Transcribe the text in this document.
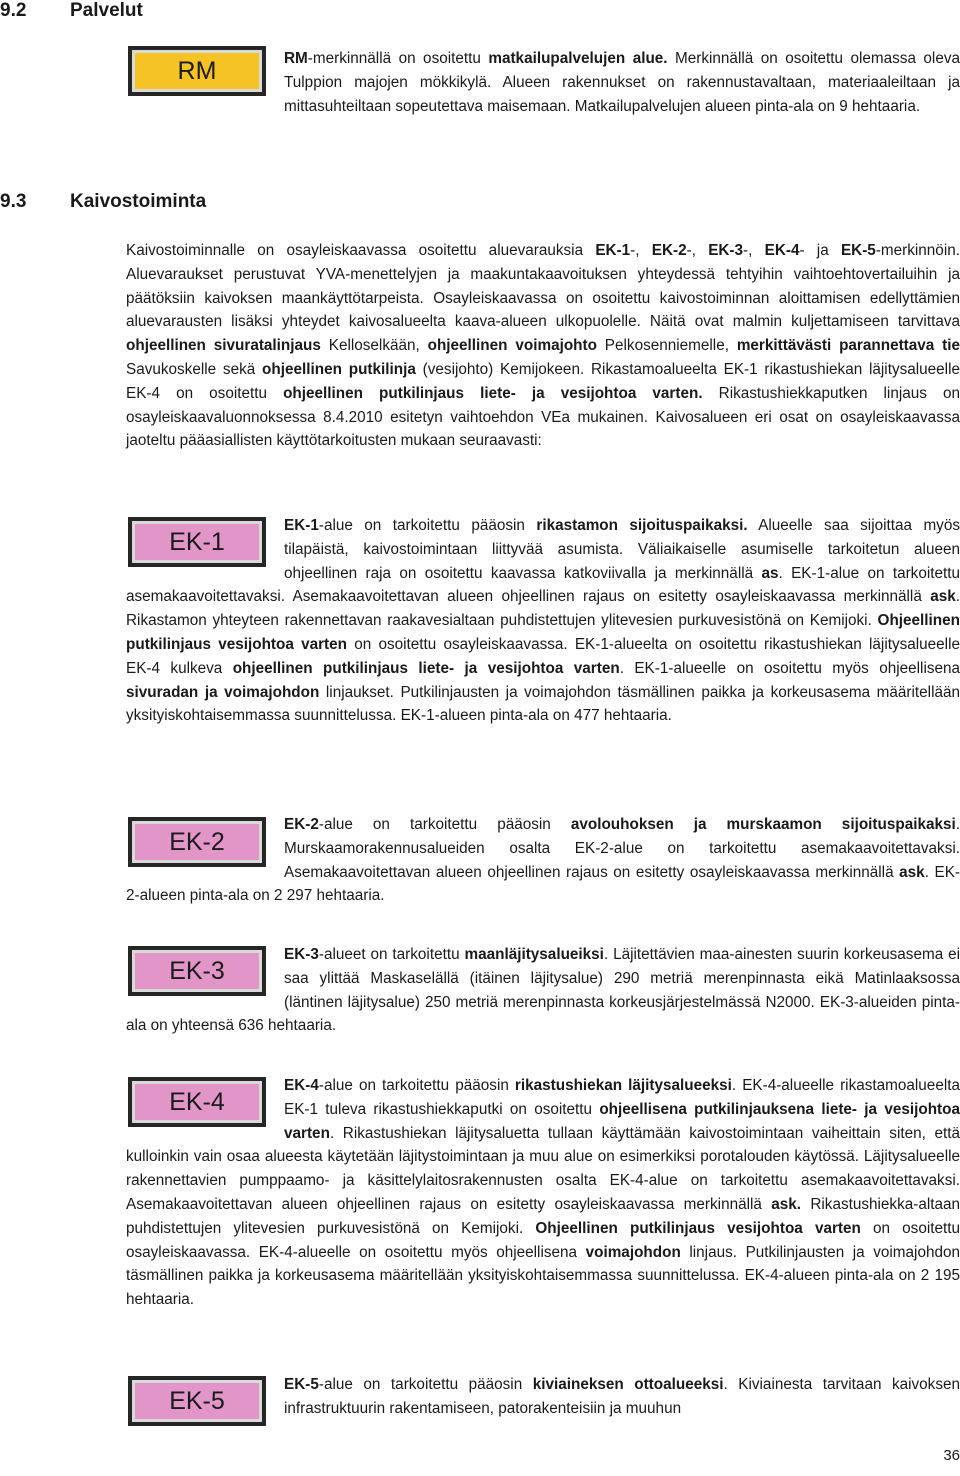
9.2 Palvelut
RM	RM-merkinnällä on osoitettu matkailupalvelujen alue. Merkinnällä on osoitettu olemassa oleva Tulppion majojen mökkikylä. Alueen rakennukset on rakennustavaltaan, materiaaleiltaan ja mittasuhteiltaan sopeutettava maisemaan. Matkailupalvelujen alueen pinta-ala on 9 hehtaaria.

9.3 Kaivostoiminta

Kaivostoiminnalle on osayleiskaavassa osoitettu aluevarauksia EK-1-, EK-2-, EK-3-, EK-4- ja EK-5-merkinnöin. Aluevaraukset perustuvat YVA-menettelyjen ja maakuntakaavoituksen yhteydessä tehtyihin vaihtoehtovertailuihin ja päätöksiin kaivoksen maankäyttötarpeista. Osayleiskaavassa on osoitettu kaivostoiminnan aloittamisen edellyttämien aluevarausten lisäksi yhteydet kaivosalueelta kaava-alueen ulkopuolelle. Näitä ovat malmin kuljettamiseen tarvittava ohjeellinen sivuratalinjaus Kelloselkään, ohjeellinen voimajohto Pelkosenniemelle, merkittävästi parannettava tie Savukoskelle sekä ohjeellinen putkilinja (vesijohto) Kemijokeen. Rikastamoalueelta EK-1 rikastushiekan läjitysalueelle EK-4 on osoitettu ohjeellinen putkilinjaus liete- ja vesijohtoa varten. Rikastushiekkaputken linjaus on osayleiskaavaluonnoksessa 8.4.2010 esitetyn vaihtoehdon VEa mukainen. Kaivosalueen eri osat on osayleiskaavassa jaoteltu pääasiallisten käyttötarkoitusten mukaan seuraavasti:

EK-1

EK-1-alue on tarkoitettu pääosin rikastamon sijoituspaikaksi. Alueelle saa sijoittaa myös tilapäistä, kaivostoimintaan liittyvää asumista. Väliaikaiselle asumiselle tarkoitetun alueen ohjeellinen raja on osoitettu kaavassa katkoviivalla ja merkinnällä as. EK-1-alue on tarkoitettu asemakaavoitettavaksi. Asemakaavoitettavan alueen ohjeellinen rajaus on esitetty osayleiskaavassa merkinnällä ask. Rikastamon yhteyteen rakennettavan raakavesialtaan puhdistettujen ylitevesien purkuvesistönä on Kemijoki. Ohjeellinen putkilinjaus vesijohtoa varten on osoitettu osayleiskaavassa. EK-1-alueelta on osoitettu rikastushiekan läjitysalueelle EK-4 kulkeva ohjeellinen putkilinjaus liete- ja vesijohtoa varten. EK-1-alueelle on osoitettu myös ohjeellisena sivuradan ja voimajohdon linjaukset. Putkilinjausten ja voimajohdon täsmällinen paikka ja korkeusasema määritellään yksityiskohtaisemmassa suunnittelussa. EK-1-alueen pinta-ala on 477 hehtaaria.

EK-2

EK-2-alue on tarkoitettu pääosin avolouhoksen ja murskaamon sijoituspaikaksi. Murskaamorakennusalueiden osalta EK-2-alue on tarkoitettu asemakaavoitettavaksi. Asemakaavoitettavan alueen ohjeellinen rajaus on esitetty osayleiskaavassa merkinnällä ask. EK-2-alueen pinta-ala on 2 297 hehtaaria.

EK-3

EK-3-alueet on tarkoitettu maanläjitysalueiksi. Läjitettävien maa-ainesten suurin korkeusasema ei saa ylittää Maskaselällä (itäinen läjitysalue) 290 metriä merenpinnasta eikä Matinlaaksossa (läntinen läjitysalue) 250 metriä merenpinnasta korkeusjärjestelmässä N2000. EK-3-alueiden pinta-ala on yhteensä 636 hehtaaria.

EK-4

EK-4-alue on tarkoitettu pääosin rikastushiekan läjitysalueeksi. EK-4-alueelle rikastamoalueelta EK-1 tuleva rikastushiekkaputki on osoitettu ohjeellisena putkilinjauksena liete- ja vesijohtoa varten. Rikastushiekan läjitysaluetta tullaan käyttämään kaivostoimintaan vaiheittain siten, että kulloinkin vain osaa alueesta käytetään läjitystoimintaan ja muu alue on esimerkiksi porotalouden käytössä. Läjitysalueelle rakennettavien pumppaamo- ja käsittelylaitosrakennusten osalta EK-4-alue on tarkoitettu asemakaavoitettavaksi. Asemakaavoitettavan alueen ohjeellinen rajaus on esitetty osayleiskaavassa merkinnällä ask. Rikastushiekka-altaan puhdistettujen ylitevesien purkuvesistönä on Kemijoki. Ohjeellinen putkilinjaus vesijohtoa varten on osoitettu osayleiskaavassa. EK-4-alueelle on osoitettu myös ohjeellisena voimajohdon linjaus. Putkilinjausten ja voimajohdon täsmällinen paikka ja korkeusasema määritellään yksityiskohtaisemmassa suunnittelussa. EK-4-alueen pinta-ala on 2 195 hehtaaria.

EK-5

EK-5-alue on tarkoitettu pääosin kiviaineksen ottoalueeksi. Kiviainesta tarvitaan kaivoksen infrastruktuurin rakentamiseen, patorakenteisiin ja muuhun

36
